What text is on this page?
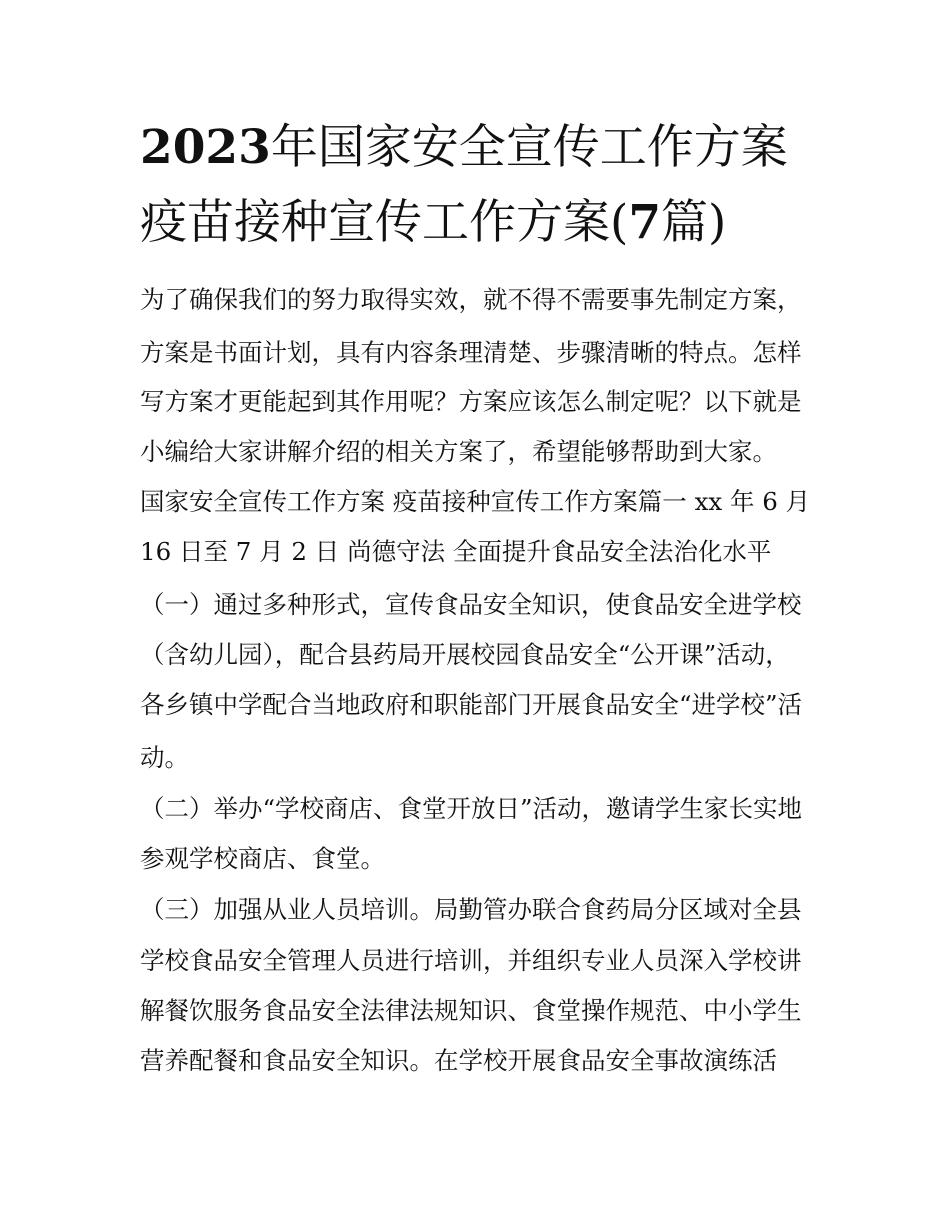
2023年国家安全宣传工作方案
疫苗接种宣传工作方案(7篇)

为了确保我们的努力取得实效，就不得不需要事先制定方案，

方案是书面计划，具有内容条理清楚、步骤清晰的特点。怎样

写方案才更能起到其作用呢？方案应该怎么制定呢？以下就是

小编给大家讲解介绍的相关方案了，希望能够帮助到大家。

国家安全宣传工作方案 疫苗接种宣传工作方案篇一 xx 年 6 月

16 日至 7 月 2 日 尚德守法 全面提升食品安全法治化水平

（一）通过多种形式，宣传食品安全知识，使食品安全进学校

（含幼儿园），配合县药局开展校园食品安全“公开课”活动，

各乡镇中学配合当地政府和职能部门开展食品安全“进学校”活

动。

（二）举办“学校商店、食堂开放日”活动，邀请学生家长实地

参观学校商店、食堂。

（三）加强从业人员培训。局勤管办联合食药局分区域对全县

学校食品安全管理人员进行培训，并组织专业人员深入学校讲

解餐饮服务食品安全法律法规知识、食堂操作规范、中小学生

营养配餐和食品安全知识。在学校开展食品安全事故演练活
